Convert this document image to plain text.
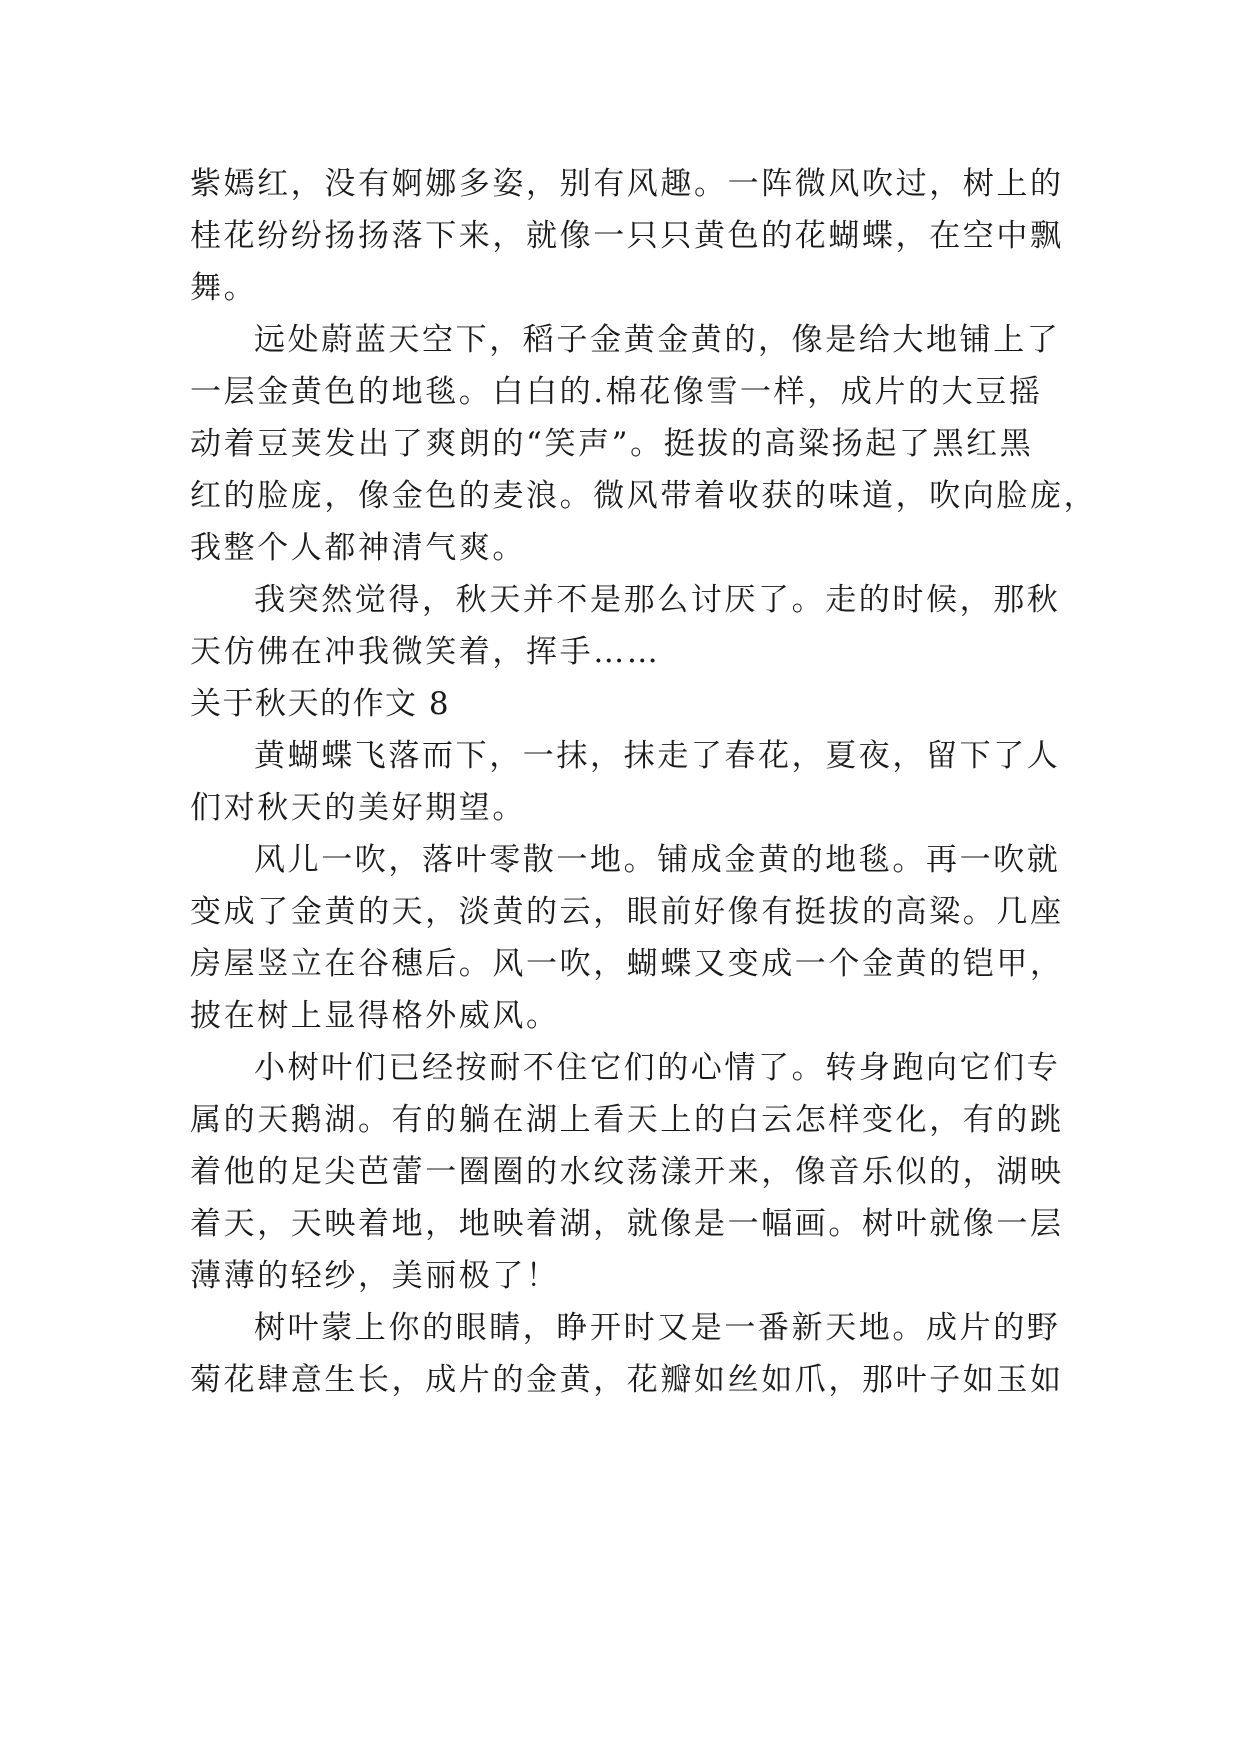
紫嫣红，没有婀娜多姿，别有风趣。一阵微风吹过，树上的
桂花纷纷扬扬落下来，就像一只只黄色的花蝴蝶，在空中飘
舞。
远处蔚蓝天空下，稻子金黄金黄的，像是给大地铺上了
一层金黄色的地毯。白白的.棉花像雪一样，成片的大豆摇
动着豆荚发出了爽朗的“笑声”。挺拔的高粱扬起了黑红黑
红的脸庞，像金色的麦浪。微风带着收获的味道，吹向脸庞，
我整个人都神清气爽。
我突然觉得，秋天并不是那么讨厌了。走的时候，那秋
天仿佛在冲我微笑着，挥手……
关于秋天的作文 8
黄蝴蝶飞落而下，一抹，抹走了春花，夏夜，留下了人
们对秋天的美好期望。
风儿一吹，落叶零散一地。铺成金黄的地毯。再一吹就
变成了金黄的天，淡黄的云，眼前好像有挺拔的高粱。几座
房屋竖立在谷穗后。风一吹，蝴蝶又变成一个金黄的铠甲，
披在树上显得格外威风。
小树叶们已经按耐不住它们的心情了。转身跑向它们专
属的天鹅湖。有的躺在湖上看天上的白云怎样变化，有的跳
着他的足尖芭蕾一圈圈的水纹荡漾开来，像音乐似的，湖映
着天，天映着地，地映着湖，就像是一幅画。树叶就像一层
薄薄的轻纱，美丽极了！
树叶蒙上你的眼睛，睁开时又是一番新天地。成片的野
菊花肆意生长，成片的金黄，花瓣如丝如爪，那叶子如玉如
